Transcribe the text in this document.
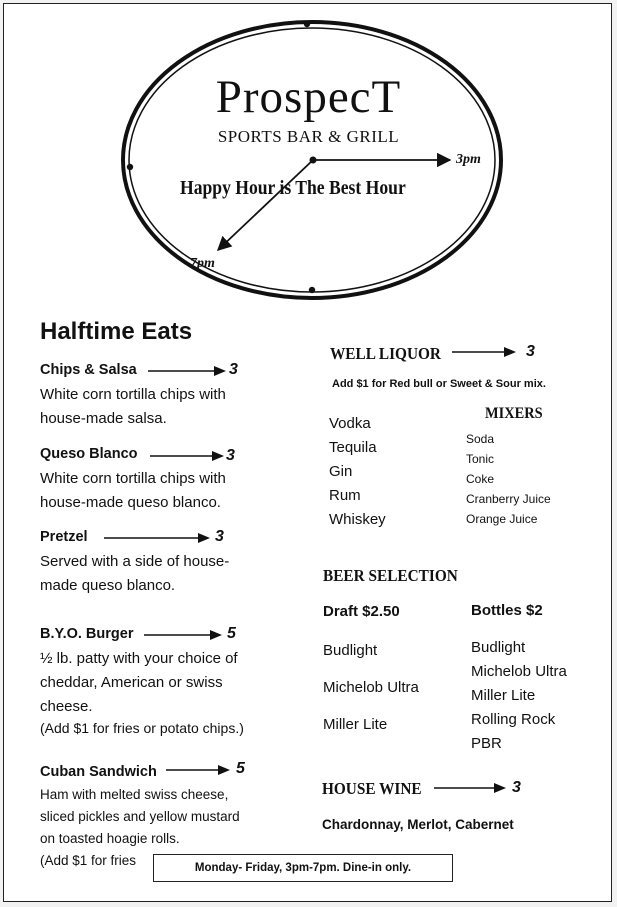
ProspecT
SPORTS BAR & GRILL
Happy Hour is The Best Hour
3pm
7pm
Halftime Eats
Chips & Salsa	3
White corn tortilla chips with
house-made salsa.
Queso Blanco	3
White corn tortilla chips with
house-made queso blanco.
Pretzel	3
Served with a side of house-
made queso blanco.
B.Y.O. Burger	5
½ lb. patty with your choice of
cheddar, American or swiss
cheese.
(Add $1 for fries or potato chips.)
Cuban Sandwich	5
Ham with melted swiss cheese,
sliced pickles and yellow mustard
on toasted hoagie rolls.
(Add $1 for fries
WELL LIQUOR	3
Add $1 for Red bull or Sweet & Sour mix.
Vodka
Tequila
Gin
Rum
Whiskey
MIXERS
Soda
Tonic
Coke
Cranberry Juice
Orange Juice
BEER SELECTION
Draft $2.50	Bottles $2
Budlight
Michelob Ultra
Miller Lite
Budlight
Michelob Ultra
Miller Lite
Rolling Rock
PBR
HOUSE WINE	3
Chardonnay, Merlot, Cabernet
Monday- Friday, 3pm-7pm. Dine-in only.
